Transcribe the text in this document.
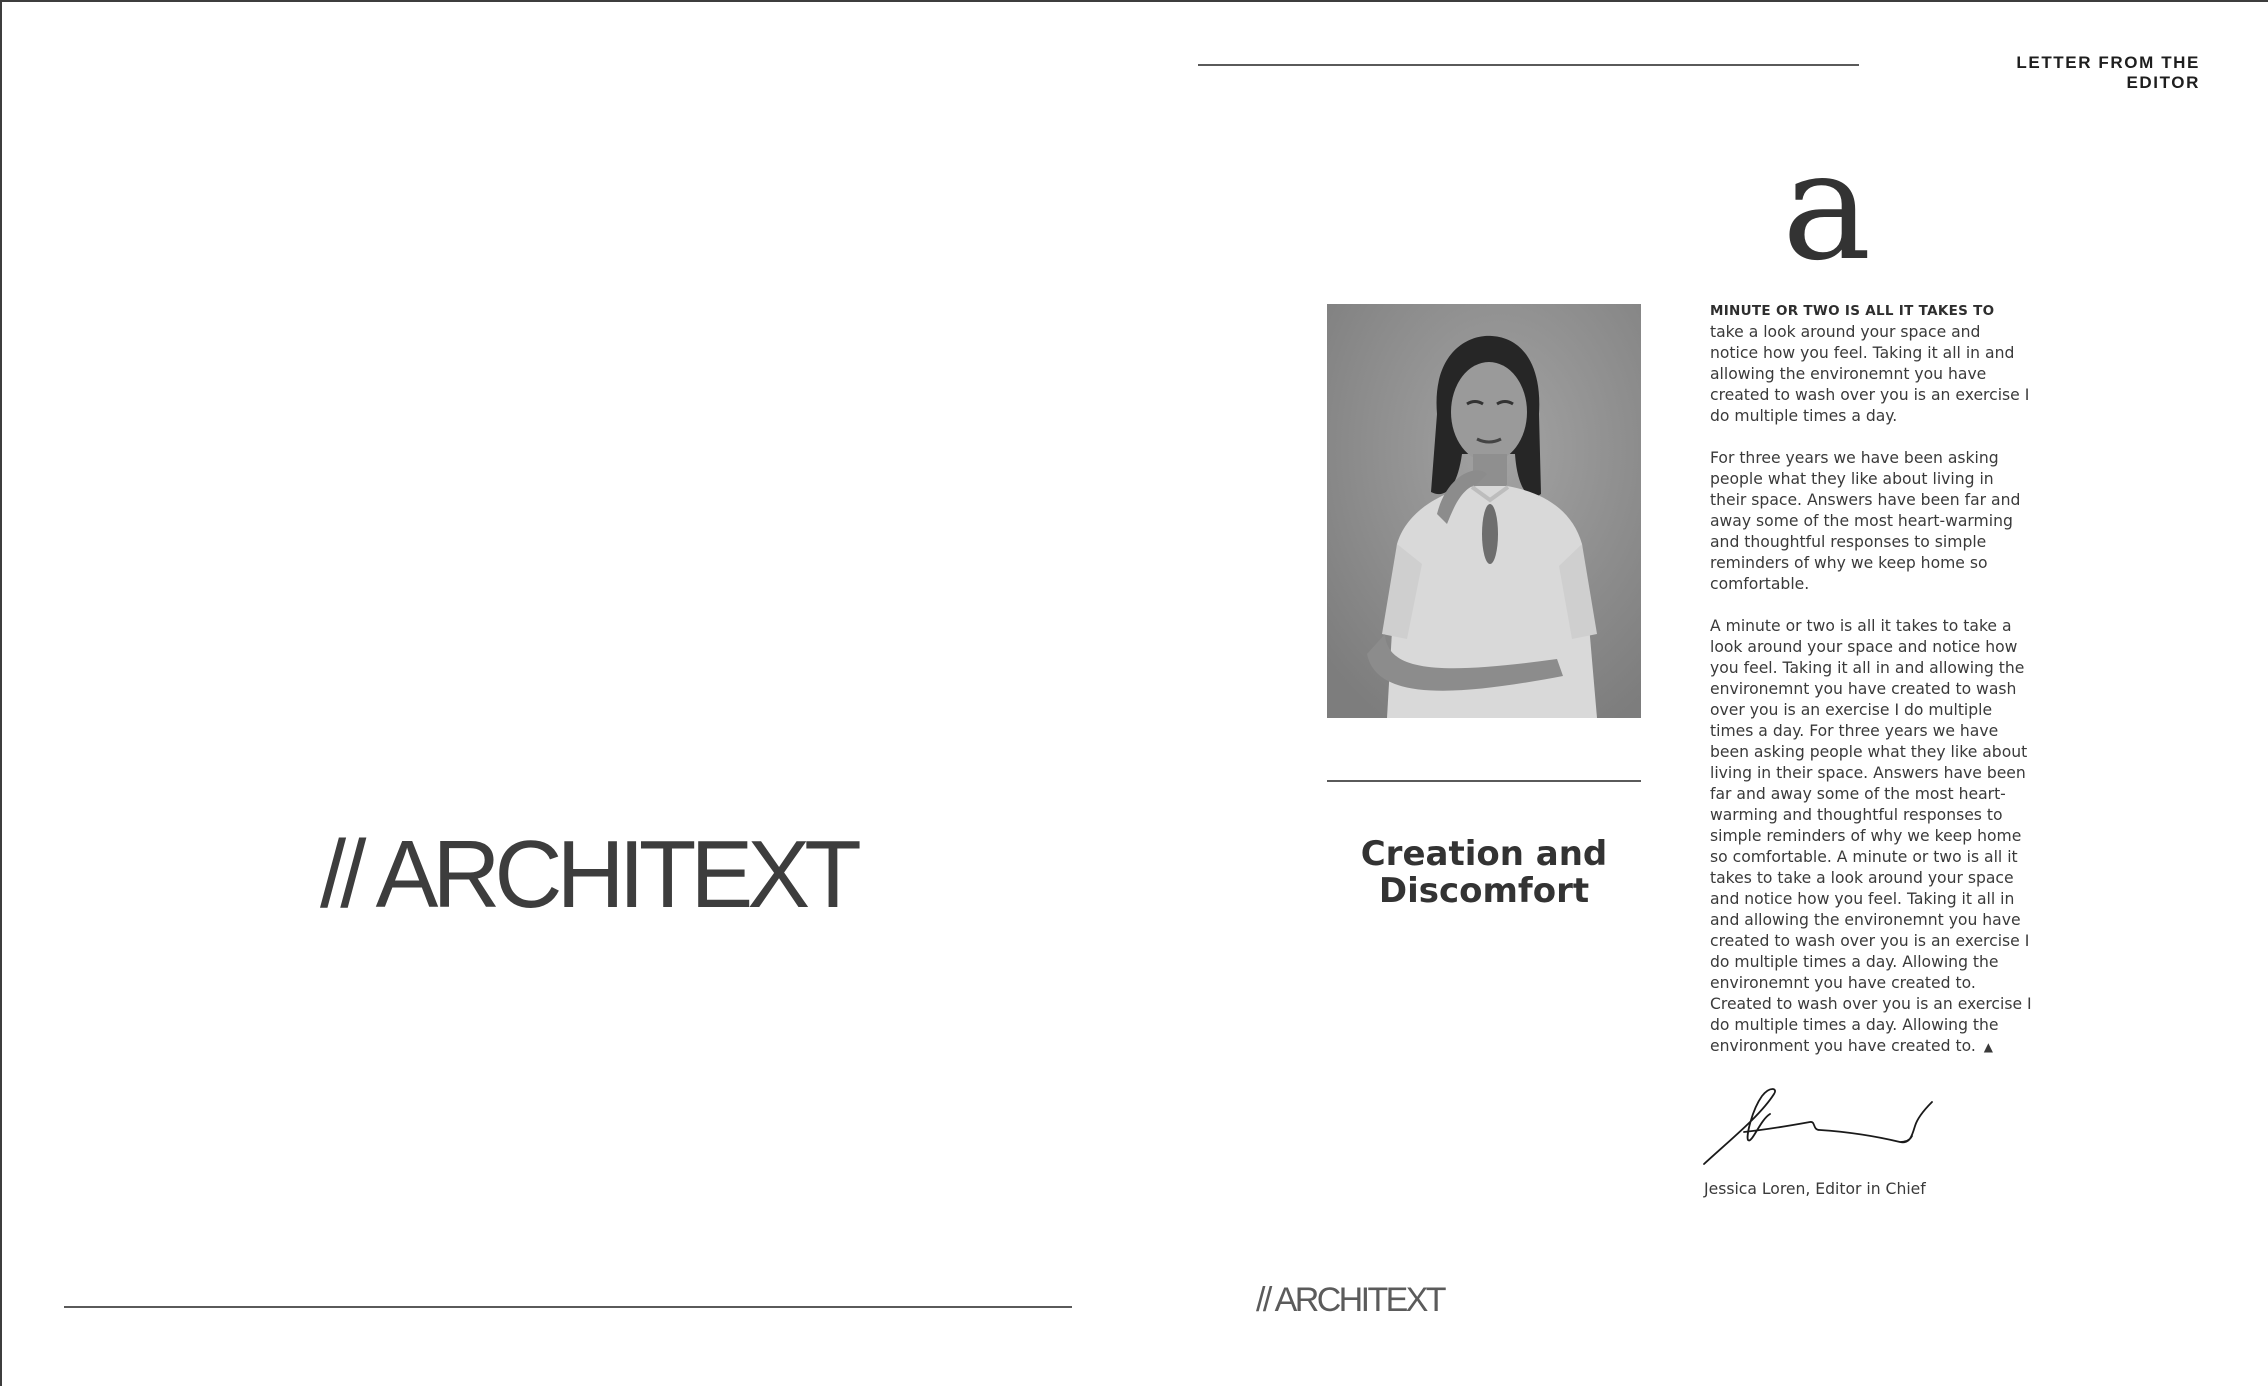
LETTER FROM THE EDITOR
// ARCHITEXT	Creation and Discomfort
a

MINUTE OR TWO IS ALL IT TAKES TO
take a look around your space and notice how you feel. Taking it all in and allowing the environemnt you have created to wash over you is an exercise I do multiple times a day.

For three years we have been asking people what they like about living in their space. Answers have been far and away some of the most heart-warming and thoughtful responses to simple reminders of why we keep home so comfortable.

A minute or two is all it takes to take a look around your space and notice how you feel. Taking it all in and allowing the environemnt you have created to wash over you is an exercise I do multiple times a day. For three years we have been asking people what they like about living in their space. Answers have been far and away some of the most heart-warming and thoughtful responses to simple reminders of why we keep home so comfortable. A minute or two is all it takes to take a look around your space and notice how you feel. Taking it all in and allowing the environemnt you have created to wash over you is an exercise I do multiple times a day. Allowing the environemnt you have created to. Created to wash over you is an exercise I do multiple times a day. Allowing the environment you have created to. ▲

Jessica Loren, Editor in Chief
// ARCHITEXT
